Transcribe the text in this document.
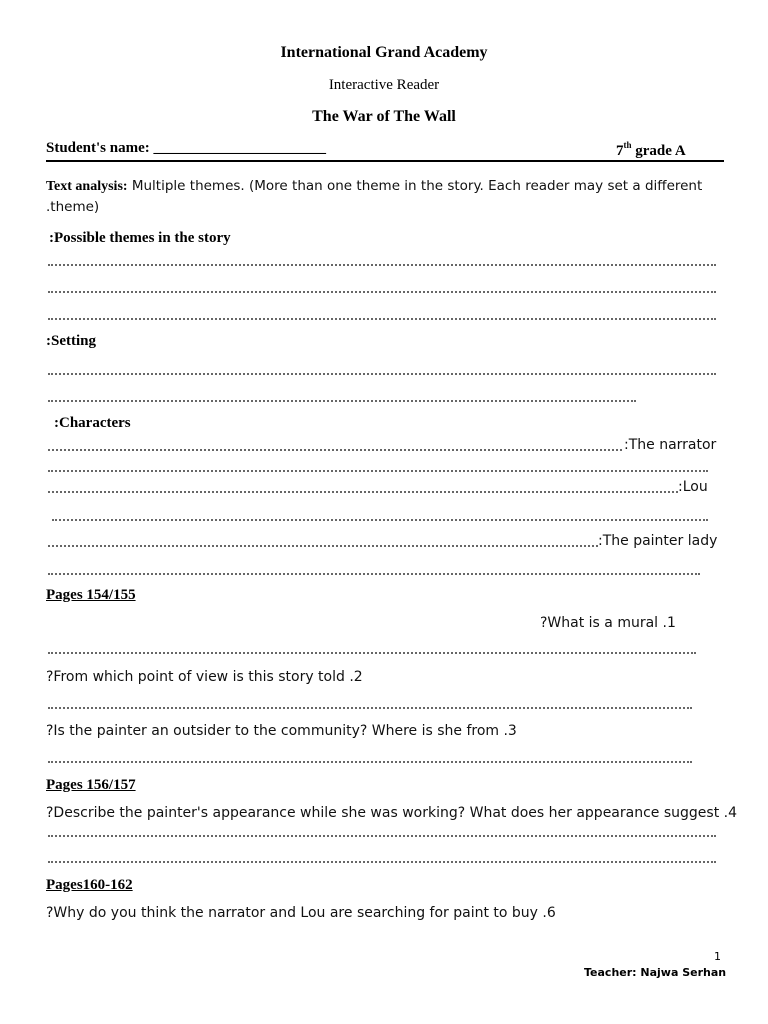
International Grand Academy
Interactive Reader
The War of The Wall
Student's name: _______________________	7th grade A
Text analysis: Multiple themes. (More than one theme in the story. Each reader may set a different
.theme)
:Possible themes in the story
:Setting
:Characters
:The narrator
:Lou
:The painter lady
Pages 154/155
?What is a mural .1
?From which point of view is this story told .2
?Is the painter an outsider to the community? Where is she from .3
Pages 156/157
?Describe the painter's appearance while she was working? What does her appearance suggest .4
Pages160-162
?Why do you think the narrator and Lou are searching for paint to buy .6
1
Teacher: Najwa Serhan
